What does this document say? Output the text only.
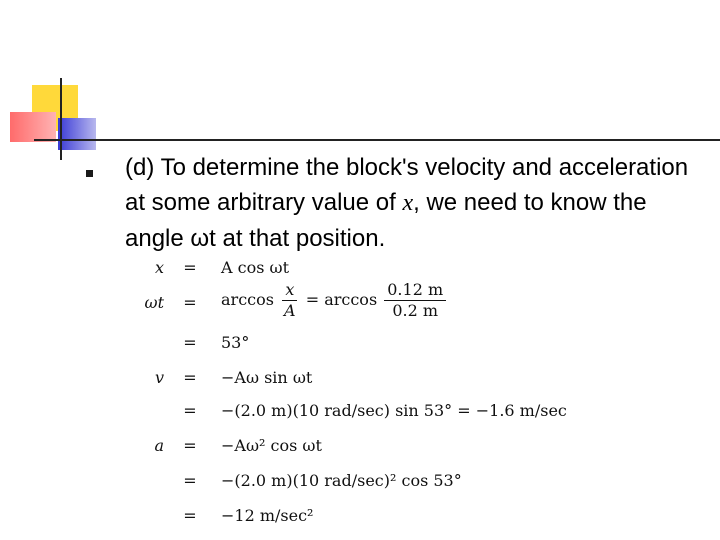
(d) To determine the block's velocity and acceleration at some arbitrary value of x, we need to know the angle ωt at that position.
x = A cos ωt
$\omega t = \arccos \frac{x}{A} = \arccos \frac{0.12 m}{0.2 m}$
= 53°
v = −Aω sin ωt
= −(2.0 m)(10 rad/sec) sin 53° = −1.6 m/sec
a = −Aω² cos ωt
= −(2.0 m)(10 rad/sec)² cos 53°
= −12 m/sec²
